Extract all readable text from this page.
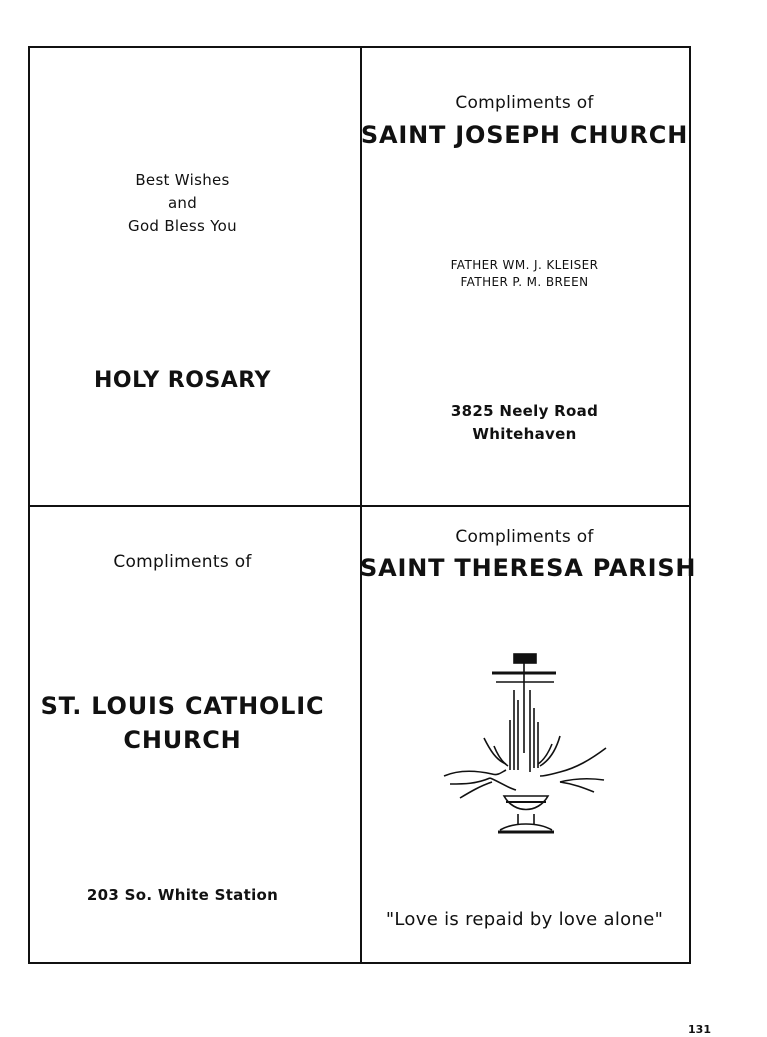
Best Wishes
and
God Bless You
HOLY ROSARY
Compliments of
SAINT JOSEPH CHURCH
FATHER WM. J. KLEISER
FATHER P. M. BREEN
3825 Neely Road
Whitehaven
Compliments of
ST. LOUIS CATHOLIC
CHURCH
203 So. White Station
Compliments of
SAINT THERESA PARISH
"Love is repaid by love alone"
131
